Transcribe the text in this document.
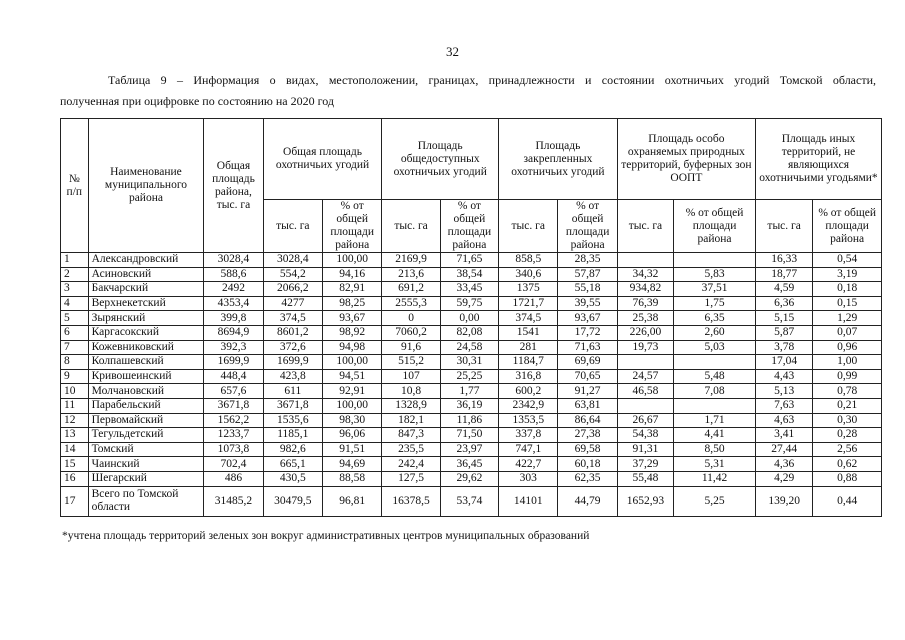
32
Таблица 9 – Информация о видах, местоположении, границах, принадлежности и состоянии охотничьих угодий Томской области,
полученная при оцифровке по состоянию на 2020 год
№ п/п	Наименование муниципального района	Общая площадь района, тыс. га	Общая площадь охотничьих угодий		Площадь общедоступных охотничьих угодий		Площадь закрепленных охотничьих угодий		Площадь особо охраняемых природных территорий, буферных зон ООПТ		Площадь иных территорий, не являющихся охотничьими угодьями*	
			тыс. га	% от общей площади района	тыс. га	% от общей площади района	тыс. га	% от общей площади района	тыс. га	% от общей площади района	тыс. га	% от общей площади района
1	Александровский	3028,4	3028,4	100,00	2169,9	71,65	858,5	28,35			16,33	0,54
2	Асиновский	588,6	554,2	94,16	213,6	38,54	340,6	57,87	34,32	5,83	18,77	3,19
3	Бакчарский	2492	2066,2	82,91	691,2	33,45	1375	55,18	934,82	37,51	4,59	0,18
4	Верхнекетский	4353,4	4277	98,25	2555,3	59,75	1721,7	39,55	76,39	1,75	6,36	0,15
5	Зырянский	399,8	374,5	93,67	0	0,00	374,5	93,67	25,38	6,35	5,15	1,29
6	Каргасокский	8694,9	8601,2	98,92	7060,2	82,08	1541	17,72	226,00	2,60	5,87	0,07
7	Кожевниковский	392,3	372,6	94,98	91,6	24,58	281	71,63	19,73	5,03	3,78	0,96
8	Колпашевский	1699,9	1699,9	100,00	515,2	30,31	1184,7	69,69			17,04	1,00
9	Кривошеинский	448,4	423,8	94,51	107	25,25	316,8	70,65	24,57	5,48	4,43	0,99
10	Молчановский	657,6	611	92,91	10,8	1,77	600,2	91,27	46,58	7,08	5,13	0,78
11	Парабельский	3671,8	3671,8	100,00	1328,9	36,19	2342,9	63,81			7,63	0,21
12	Первомайский	1562,2	1535,6	98,30	182,1	11,86	1353,5	86,64	26,67	1,71	4,63	0,30
13	Тегульдетский	1233,7	1185,1	96,06	847,3	71,50	337,8	27,38	54,38	4,41	3,41	0,28
14	Томский	1073,8	982,6	91,51	235,5	23,97	747,1	69,58	91,31	8,50	27,44	2,56
15	Чаинский	702,4	665,1	94,69	242,4	36,45	422,7	60,18	37,29	5,31	4,36	0,62
16	Шегарский	486	430,5	88,58	127,5	29,62	303	62,35	55,48	11,42	4,29	0,88
17	Всего по Томской области	31485,2	30479,5	96,81	16378,5	53,74	14101	44,79	1652,93	5,25	139,20	0,44
*учтена площадь территорий зеленых зон вокруг административных центров муниципальных образований
